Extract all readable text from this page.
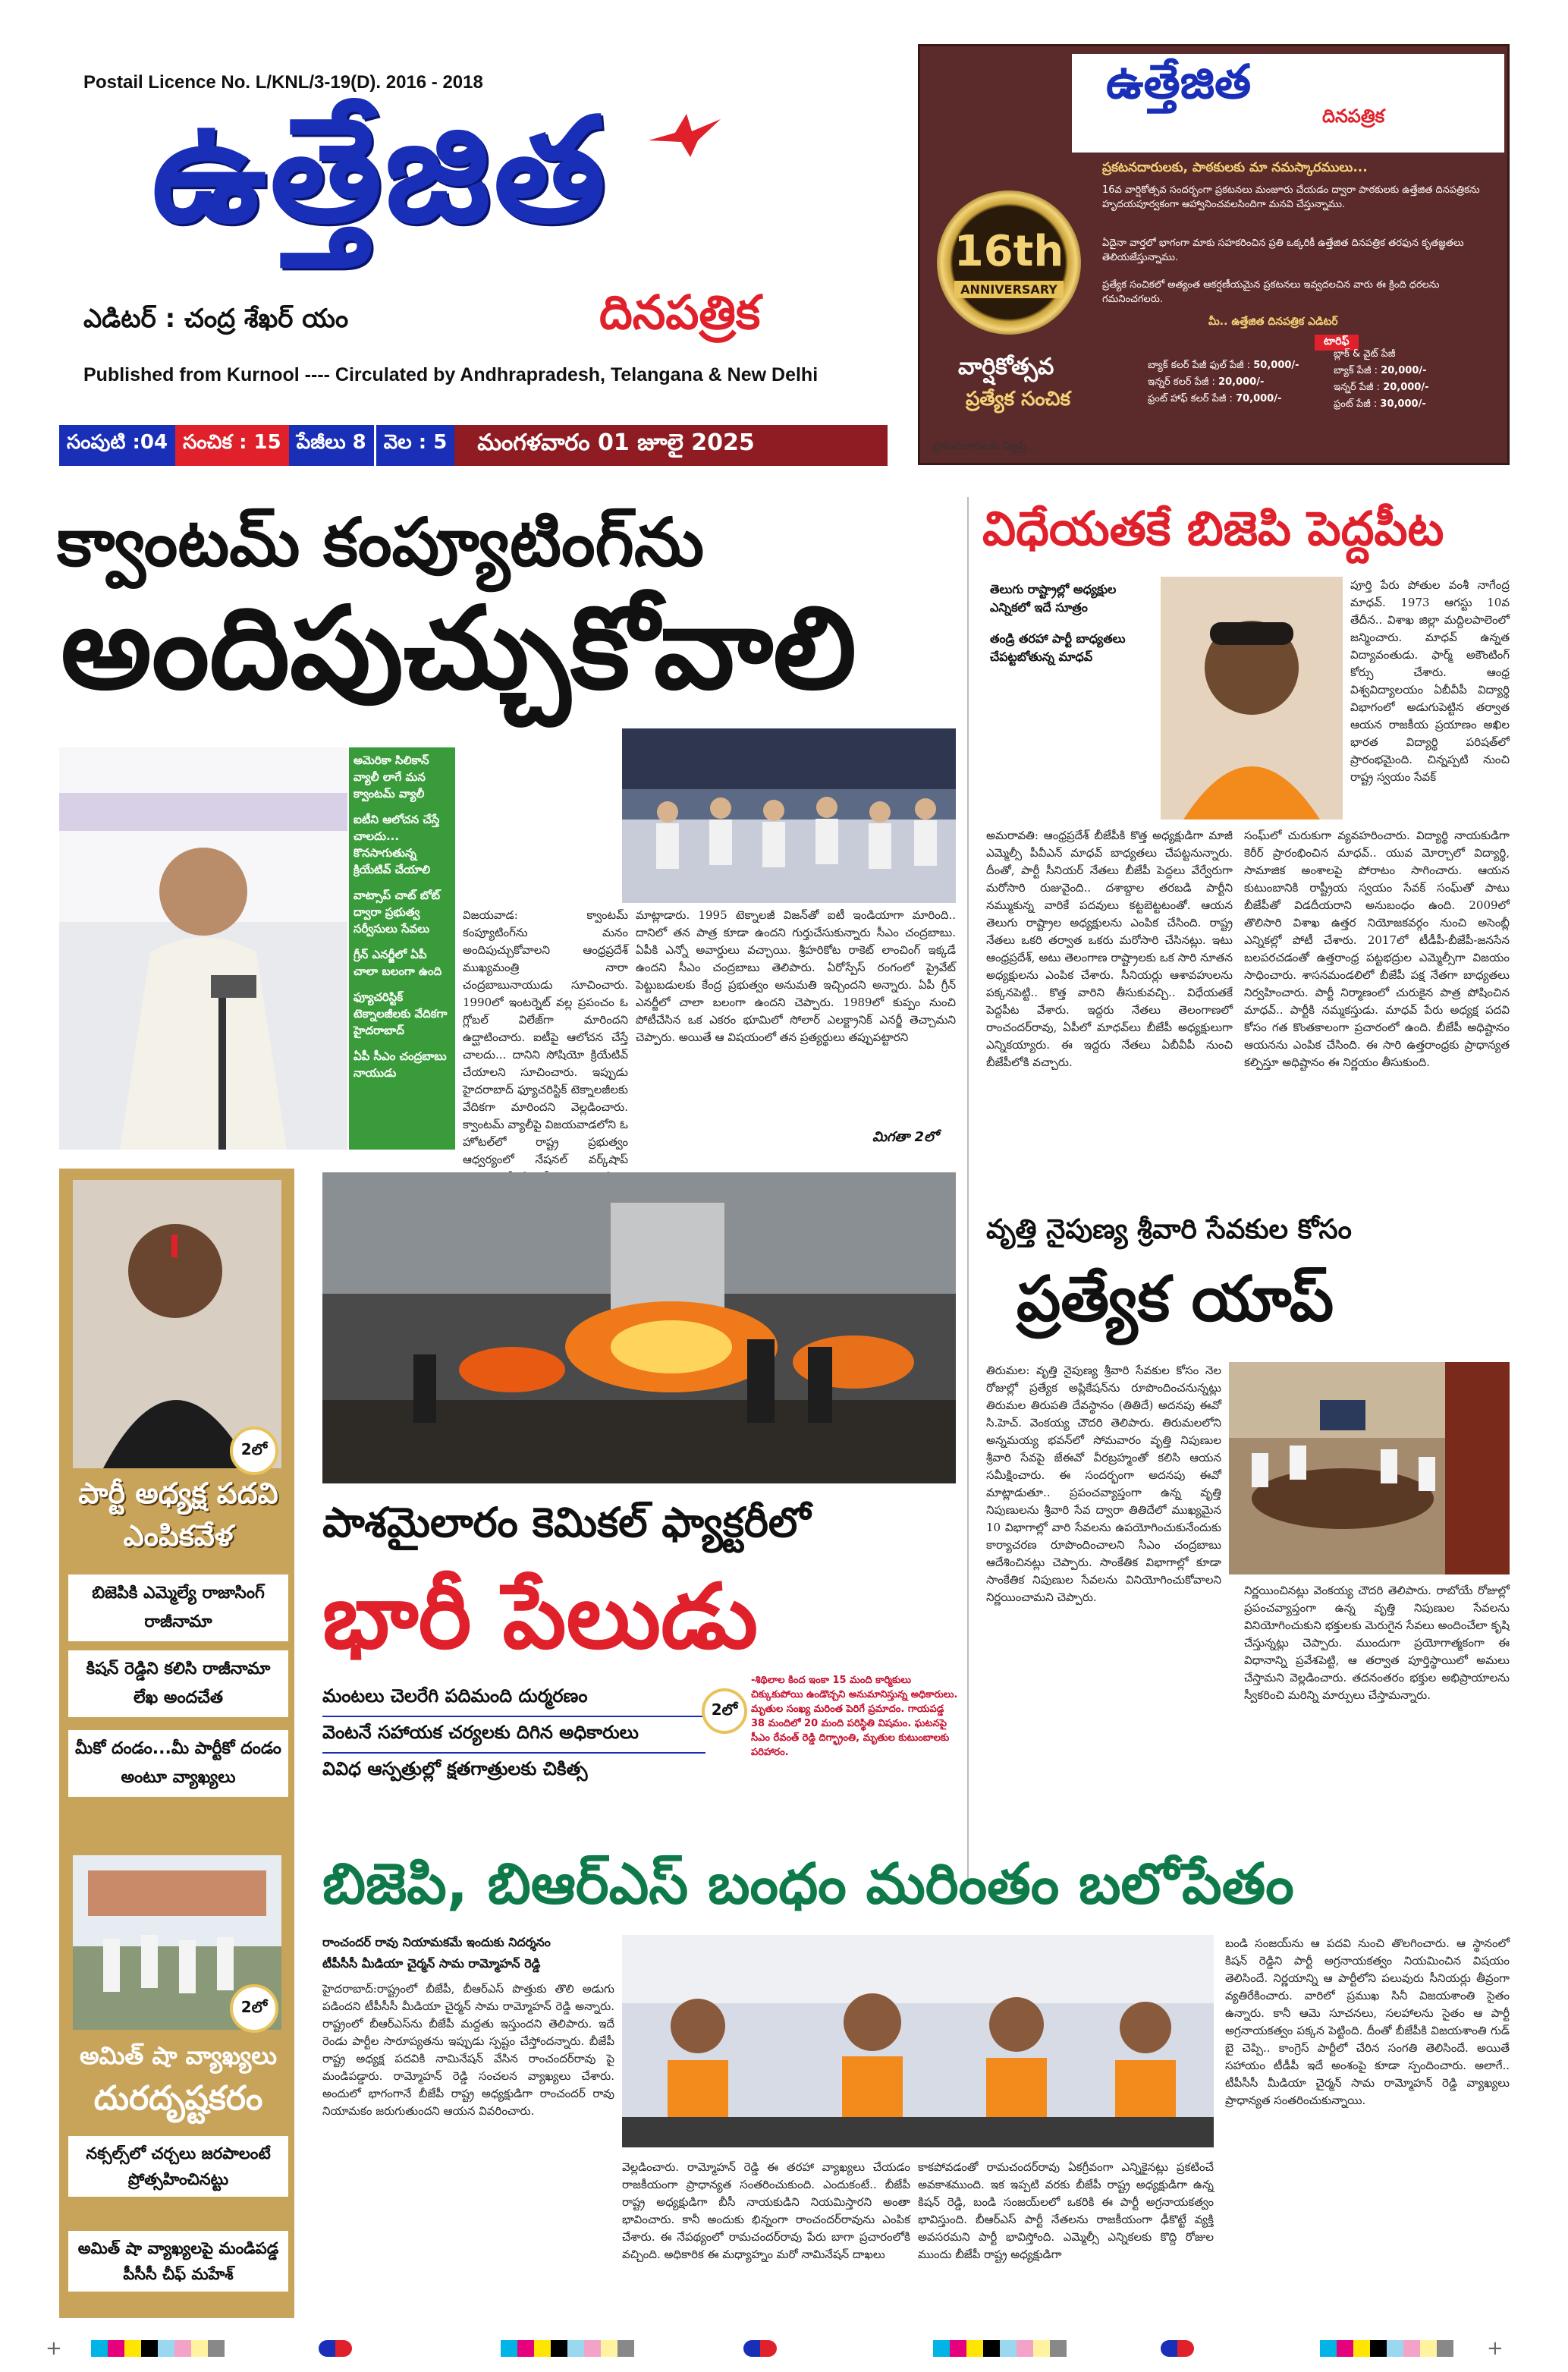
Postail Licence No. L/KNL/3-19(D). 2016 - 2018
ఉత్తేజిత
ఎడిటర్ : చంద్ర శేఖర్ యం	దినపత్రిక
Published from Kurnool ---- Circulated by Andhrapradesh, Telangana & New Delhi
సంపుటి :04 సంచిక : 15 పేజీలు 8 వెల : 5	మంగళవారం 01 జూలై 2025
ఉత్తేజిత
దినపత్రిక
16th
ANNIVERSARY
వార్షికోత్సవ
ప్రత్యేక సంచిక
ప్రకటనదారులకు, పాఠకులకు మా నమస్కారములు...
16వ వార్షికోత్సవ సందర్భంగా ప్రకటనలు మంజూరు చేయడం ద్వారా పాఠకులకు ఉత్తేజిత దినపత్రికను హృదయపూర్వకంగా ఆహ్వానించవలసిందిగా మనవి చేస్తున్నాము.
ఏదైనా వార్తలో భాగంగా మాకు సహకరించిన ప్రతి ఒక్కరికీ ఉత్తేజిత దినపత్రిక తరఫున కృతజ్ఞతలు తెలియజేస్తున్నాము.
ప్రత్యేక సంచికలో అత్యంత ఆకర్షణీయమైన ప్రకటనలు ఇవ్వదలచిన వారు ఈ క్రింది ధరలను గమనించగలరు.
మీ.. ఉత్తేజిత దినపత్రిక ఎడిటర్
టారిఫ్
బ్యాక్ కలర్ పేజీ ఫుల్ పేజీ : 50,000/-
ఇన్నర్ కలర్ పేజీ : 20,000/-
ఫ్రంట్ హాఫ్ కలర్ పేజీ : 70,000/-
బ్లాక్ & వైట్ పేజీ
బ్యాక్ పేజీ : 20,000/-
ఇన్నర్ పేజీ : 20,000/-
ఫ్రంట్ పేజీ : 30,000/-
ప్రకటనదారులకు విజ్ఞప్తి...
క్వాంటమ్ కంప్యూటింగ్‌ను
అందిపుచ్చుకోవాలి
అమెరికా సిలికాన్ వ్యాలీ లాగే మన క్వాంటమ్ వ్యాలీ
ఐటీని ఆలోచన చేస్తే చాలదు... కొనసాగుతున్న క్రియేటివ్ చేయాలి
వాట్సాప్ చాట్ బోట్ ద్వారా ప్రభుత్వ సర్వీసులు సేవలు
గ్రీన్ ఎనర్జీలో ఏపీ చాలా బలంగా ఉంది
ఫ్యూచరిస్టిక్ టెక్నాలజీలకు వేదికగా హైదరాబాద్
ఏపీ సీఎం చంద్రబాబు నాయుడు
విజయవాడ: క్వాంటమ్ కంప్యూటింగ్‌ను మనం అందిపుచ్చుకోవాలని ఆంధ్రప్రదేశ్ ముఖ్యమంత్రి నారా చంద్రబాబునాయుడు సూచించారు. 1990లో ఇంటర్నెట్ వల్ల ప్రపంచం ఓ గ్లోబల్ విలేజ్‌గా మారిందని ఉద్ఘాటించారు. ఐటీపై ఆలోచన చేస్తే చాలదు... దానిని సోషియో క్రియేటివ్ చేయాలని సూచించారు. ఇప్పుడు హైదరాబాద్ ఫ్యూచరిస్టిక్ టెక్నాలజీలకు వేదికగా మారిందని వెల్లడించారు. క్వాంటమ్ వ్యాలీపై విజయవాడలోని ఓ హోటల్‌లో రాష్ట్ర ప్రభుత్వం ఆధ్వర్యంలో నేషనల్ వర్క్‌షాప్
మాట్లాడారు. 1995 టెక్నాలజీ విజన్‌తో ఐటీ ఇండియాగా మారింది.. దానిలో తన పాత్ర కూడా ఉందని గుర్తుచేసుకున్నారు సీఎం చంద్రబాబు. ఏపీకి ఎన్నో అవార్డులు వచ్చాయి. శ్రీహరికోట రాకెట్ లాంచింగ్ ఇక్కడే ఉందని సీఎం చంద్రబాబు తెలిపారు. ఏరోస్పేస్ రంగంలో ప్రైవేట్ పెట్టుబడులకు కేంద్ర ప్రభుత్వం అనుమతి ఇచ్చిందని అన్నారు. ఏపీ గ్రీన్ ఎనర్జీలో చాలా బలంగా ఉందని చెప్పారు. 1989లో కుప్పం నుంచి పోటీచేసిన ఒక ఎకరం భూమిలో సోలార్ ఎలక్ట్రానిక్ ఎనర్జీ తెచ్చామని చెప్పారు. అయితే ఆ విషయంలో తన ప్రత్యర్థులు తప్పుపట్టారని
మిగతా 2లో
విధేయతకే బిజెపి పెద్దపీట
తెలుగు రాష్ట్రాల్లో అధ్యక్షుల ఎన్నికలో ఇదే సూత్రం
తండ్రి తరహా పార్టీ బాధ్యతలు చేపట్టబోతున్న మాధవ్
పూర్తి పేరు పోతుల వంశీ నాగేంద్ర మాధవ్. 1973 ఆగస్టు 10వ తేదీన.. విశాఖ జిల్లా మద్దిలపాలెంలో జన్మించారు. మాధవ్ ఉన్నత విద్యావంతుడు. ఫార్మ్ అకౌంటింగ్ కోర్సు చేశారు. ఆంధ్ర విశ్వవిద్యాలయం ఏబీవీపీ విద్యార్థి విభాగంలో అడుగుపెట్టిన తర్వాత ఆయన రాజకీయ ప్రయాణం అఖిల భారత విద్యార్థి పరిషత్‌లో ప్రారంభమైంది. చిన్నప్పటి నుంచి రాష్ట్ర స్వయం సేవక్
అమరావతి: ఆంధ్రప్రదేశ్ బీజేపీకి కొత్త అధ్యక్షుడిగా మాజీ ఎమ్మెల్సీ పీవీఎన్ మాధవ్ బాధ్యతలు చేపట్టనున్నారు. దీంతో, పార్టీ సీనియర్ నేతలు బీజేపీ పెద్దలు వేర్వేరుగా మరోసారి రుజువైంది.. దశాబ్దాల తరబడి పార్టీని నమ్ముకున్న వారికే పదవులు కట్టబెట్టటంతో. ఆయన తెలుగు రాష్ట్రాల అధ్యక్షులను ఎంపిక చేసింది. రాష్ట్ర నేతలు ఒకరి తర్వాత ఒకరు మరోసారి చేసినట్లు. ఇటు ఆంధ్రప్రదేశ్, అటు తెలంగాణ రాష్ట్రాలకు ఒక సారి నూతన అధ్యక్షులను ఎంపిక చేశారు. సీనియర్లు ఆశావహులను పక్కనపెట్టి.. కొత్త వారిని తీసుకువచ్చి.. విధేయతకే పెద్దపీట వేశారు. ఇద్దరు నేతలు తెలంగాణలో రాంచందర్‌రావు, ఏపీలో మాధవ్‌లు బీజేపీ అధ్యక్షులుగా ఎన్నికయ్యారు. ఈ ఇద్దరు నేతలు ఏబీవీపీ నుంచి బీజేపీలోకి వచ్చారు.
సంఘ్‌లో చురుకుగా వ్యవహరించారు. విద్యార్థి నాయకుడిగా కెరీర్ ప్రారంభించిన మాధవ్.. యువ మోర్చాలో విద్యార్థి, సామాజిక అంశాలపై పోరాటం సాగించారు. ఆయన కుటుంబానికి రాష్ట్రీయ స్వయం సేవక్ సంఘ్‌తో పాటు బీజేపీతో విడదీయరాని అనుబంధం ఉంది. 2009లో తొలిసారి విశాఖ ఉత్తర నియోజకవర్గం నుంచి అసెంబ్లీ ఎన్నికల్లో పోటీ చేశారు. 2017లో టీడీపీ-బీజేపీ-జనసేన బలపరచడంతో ఉత్తరాంధ్ర పట్టభద్రుల ఎమ్మెల్సీగా విజయం సాధించారు. శాసనమండలిలో బీజేపీ పక్ష నేతగా బాధ్యతలు నిర్వహించారు. పార్టీ నిర్మాణంలో చురుకైన పాత్ర పోషించిన మాధవ్.. పార్టీకి నమ్మకస్తుడు. మాధవ్ పేరు అధ్యక్ష పదవి కోసం గత కొంతకాలంగా ప్రచారంలో ఉంది. బీజేపీ అధిష్టానం ఆయనను ఎంపిక చేసింది. ఈ సారి ఉత్తరాంధ్రకు ప్రాధాన్యత కల్పిస్తూ అధిష్టానం ఈ నిర్ణయం తీసుకుంది.
వృత్తి నైపుణ్య శ్రీవారి సేవకుల కోసం
ప్రత్యేక యాప్
తిరుమల: వృత్తి నైపుణ్య శ్రీవారి సేవకుల కోసం నెల రోజుల్లో ప్రత్యేక అప్లికేషన్‌ను రూపొందించనున్నట్లు తిరుమల తిరుపతి దేవస్థానం (తితిదే) అదనపు ఈవో సి.హెచ్. వెంకయ్య చౌదరి తెలిపారు. తిరుమలలోని అన్నమయ్య భవన్‌లో సోమవారం వృత్తి నిపుణుల శ్రీవారి సేవపై జేఈవో వీరబ్రహ్మంతో కలిసి ఆయన సమీక్షించారు. ఈ సందర్భంగా అదనపు ఈవో మాట్లాడుతూ.. ప్రపంచవ్యాప్తంగా ఉన్న వృత్తి నిపుణులను శ్రీవారి సేవ ద్వారా తితిదేలో ముఖ్యమైన 10 విభాగాల్లో వారి సేవలను ఉపయోగించుకునేందుకు కార్యాచరణ రూపొందించాలని సీఎం చంద్రబాబు ఆదేశించినట్లు చెప్పారు. సాంకేతిక విభాగాల్లో కూడా సాంకేతిక నిపుణుల సేవలను వినియోగించుకోవాలని నిర్ణయించామని చెప్పారు.	నిర్ణయించినట్లు వెంకయ్య చౌదరి తెలిపారు. రాబోయే రోజుల్లో ప్రపంచవ్యాప్తంగా ఉన్న వృత్తి నిపుణుల సేవలను వినియోగించుకుని భక్తులకు మెరుగైన సేవలు అందించేలా కృషి చేస్తున్నట్లు చెప్పారు. ముందుగా ప్రయోగాత్మకంగా ఈ విధానాన్ని ప్రవేశపెట్టి, ఆ తర్వాత పూర్తిస్థాయిలో అమలు చేస్తామని వెల్లడించారు. తదనంతరం భక్తుల అభిప్రాయాలను స్వీకరించి మరిన్ని మార్పులు చేస్తామన్నారు.
2లో
పార్టీ అధ్యక్ష పదవి ఎంపికవేళ
బిజెపికి ఎమ్మెల్యే రాజాసింగ్ రాజీనామా
కిషన్ రెడ్డిని కలిసి రాజీనామా లేఖ అందచేత
మీకో దండం...మీ పార్టీకో దండం అంటూ వ్యాఖ్యలు
2లో
అమిత్ షా వ్యాఖ్యలు
దురదృష్టకరం
నక్సల్స్‌లో చర్చలు జరపాలంటే ప్రోత్సహించినట్టు
అమిత్ షా వ్యాఖ్యలపై మండిపడ్డ పీసీసీ చీఫ్ మహేశ్
పాశమైలారం కెమికల్ ఫ్యాక్టరీలో
భారీ పేలుడు
మంటలు చెలరేగి పదిమంది దుర్మరణం
వెంటనే సహాయక చర్యలకు దిగిన అధికారులు
వివిధ ఆస్పత్రుల్లో క్షతగాత్రులకు చికిత్స
2లో
-శిథిలాల కింద ఇంకా 15 మంది కార్మికులు చిక్కుకుపోయి ఉండొచ్చని అనుమానిస్తున్న అధికారులు. మృతుల సంఖ్య మరింత పెరిగే ప్రమాదం. గాయపడ్డ 38 మందిలో 20 మంది పరిస్థితి విషమం. ఘటనపై సీఎం రేవంత్ రెడ్డి దిగ్భ్రాంతి, మృతుల కుటుంబాలకు పరిహారం.
బిజెపి, బిఆర్ఎస్ బంధం మరింతం బలోపేతం
రాంచందర్ రావు నియామకమే ఇందుకు నిదర్శనం
టీపీసీసీ మీడియా చైర్మన్ సామ రామ్మోహన్ రెడ్డి
హైదరాబాద్:రాష్ట్రంలో బీజేపీ, బీఆర్‌ఎస్ పొత్తుకు తొలి అడుగు పడిందని టీపీసీసీ మీడియా చైర్మన్ సామ రామ్మోహన్ రెడ్డి అన్నారు. రాష్ట్రంలో బీఆర్‌ఎస్‌ను బీజేపీ మద్దతు ఇస్తుందని తెలిపారు. ఇదే రెండు పార్టీల సారూప్యతను ఇప్పుడు స్పష్టం చేస్తోందన్నారు. బీజేపీ రాష్ట్ర అధ్యక్ష పదవికి నామినేషన్ వేసిన రాంచందర్‌రావు పై మండిపడ్డారు. రామ్మోహన్ రెడ్డి సంచలన వ్యాఖ్యలు చేశారు. అందులో భాగంగానే బీజేపీ రాష్ట్ర అధ్యక్షుడిగా రాంచందర్ రావు నియామకం జరుగుతుందని ఆయన వివరించారు.
వెల్లడించారు. రామ్మోహన్ రెడ్డి ఈ తరహా వ్యాఖ్యలు చేయడం రాజకీయంగా ప్రాధాన్యత సంతరించుకుంది. ఎందుకంటే.. బీజేపీ రాష్ట్ర అధ్యక్షుడిగా బీసీ నాయకుడిని నియమిస్తారని అంతా భావించారు. కానీ అందుకు భిన్నంగా రాంచందర్‌రావును ఎంపిక చేశారు. ఈ నేపథ్యంలో రామచందర్‌రావు పేరు బాగా ప్రచారంలోకి వచ్చింది. అధికారిక ఈ మధ్యాహ్నం మరో నామినేషన్ దాఖలు
కాకపోవడంతో రామచందర్‌రావు ఏకగ్రీవంగా ఎన్నికైనట్లు ప్రకటించే అవకాశముంది. ఇక ఇప్పటి వరకు బీజేపీ రాష్ట్ర అధ్యక్షుడిగా ఉన్న కిషన్ రెడ్డి, బండి సంజయ్‌లలో ఒకరికి ఈ పార్టీ అగ్రనాయకత్వం భావిస్తుంది. బీఆర్‌ఎస్ పార్టీ నేతలను రాజకీయంగా ఢీకొట్టే వ్యక్తి అవసరమని పార్టీ భావిస్తోంది. ఎమ్మెల్సీ ఎన్నికలకు కొద్ది రోజుల ముందు బీజేపీ రాష్ట్ర అధ్యక్షుడిగా
బండి సంజయ్‌ను ఆ పదవి నుంచి తొలగించారు. ఆ స్థానంలో కిషన్ రెడ్డిని పార్టీ అగ్రనాయకత్వం నియమించిన విషయం తెలిసిందే. నిర్ణయాన్ని ఆ పార్టీలోని పలువురు సీనియర్లు తీవ్రంగా వ్యతిరేకించారు. వారిలో ప్రముఖ సినీ విజయశాంతి సైతం ఉన్నారు. కానీ ఆమె సూచనలు, సలహాలను సైతం ఆ పార్టీ అగ్రనాయకత్వం పక్కన పెట్టింది. దీంతో బీజేపీకి విజయశాంతి గుడ్ బై చెప్పి.. కాంగ్రెస్ పార్టీలో చేరిన సంగతి తెలిసిందే. అయితే సహాయం టీడీపీ ఇదే అంశంపై కూడా స్పందించారు. అలాగే.. టీపీసీసీ మీడియా చైర్మన్ సామ రామ్మోహన్ రెడ్డి వ్యాఖ్యలు ప్రాధాన్యత సంతరించుకున్నాయి.
+	+
